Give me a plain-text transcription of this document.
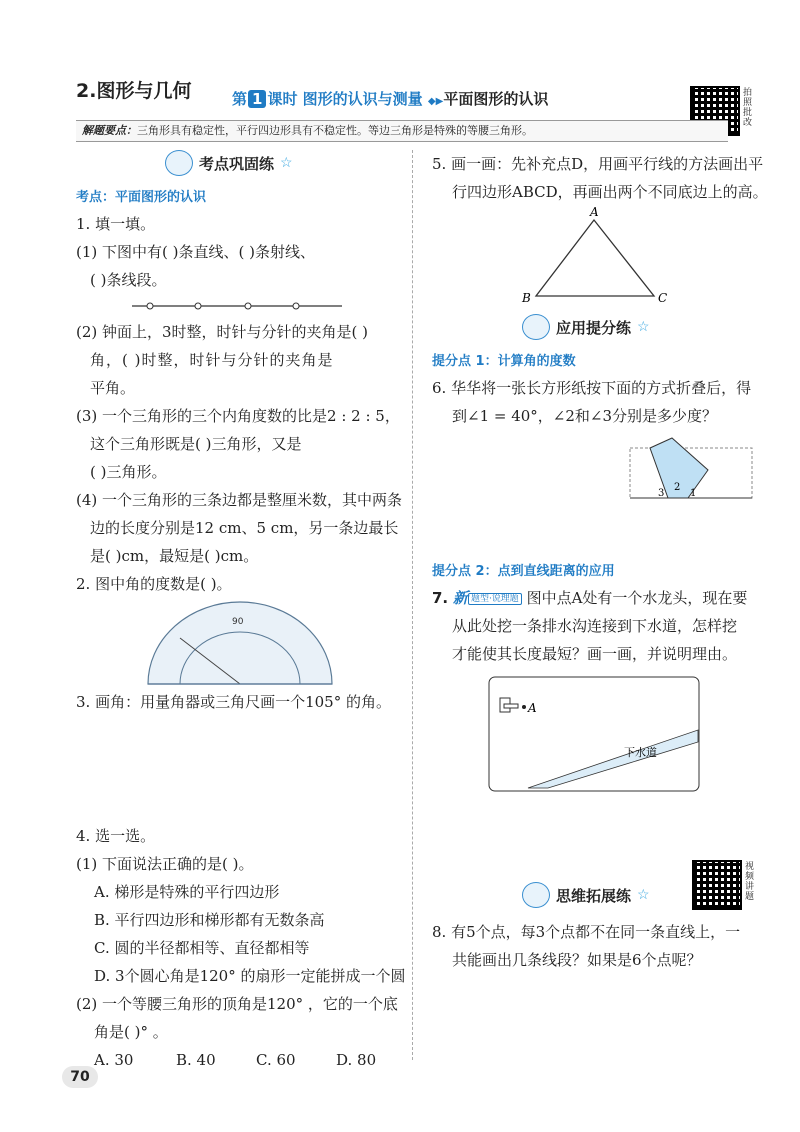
2.图形与几何	第 1 课时 图形的认识与测量 ◆▶平面图形的认识	拍照批改
解题要点：三角形具有稳定性，平行四边形具有不稳定性。等边三角形是特殊的等腰三角形。
考点巩固练 ☆
考点：平面图形的认识
1. 填一填。
(1) 下图中有( )条直线、( )条射线、
( )条线段。
(2) 钟面上，3时整，时针与分针的夹角是( )
角，( )时整，时针与分针的夹角是
平角。
(3) 一个三角形的三个内角度数的比是2 : 2 : 5，
这个三角形既是( )三角形，又是
( )三角形。
(4) 一个三角形的三条边都是整厘米数，其中两条
边的长度分别是12 cm、5 cm，另一条边最长
是( )cm，最短是( )cm。
2. 图中角的度数是( )。
90
3. 画角：用量角器或三角尺画一个105° 的角。
4. 选一选。
(1) 下面说法正确的是( )。
A. 梯形是特殊的平行四边形
B. 平行四边形和梯形都有无数条高
C. 圆的半径都相等、直径都相等
D. 3个圆心角是120° 的扇形一定能拼成一个圆
(2) 一个等腰三角形的顶角是120° ，它的一个底
角是( )° 。
A. 30	B. 40	C. 60	D. 80
70
5. 画一画：先补充点D，用画平行线的方法画出平
行四边形ABCD，再画出两个不同底边上的高。
A
B	C
应用提分练 ☆
提分点 1：计算角的度数
6. 华华将一张长方形纸按下面的方式折叠后，得
到∠1 = 40°，∠2和∠3分别是多少度？
3
2
1
提分点 2：点到直线距离的应用
7. 新 题型·说理题 图中点A处有一个水龙头，现在要
从此处挖一条排水沟连接到下水道，怎样挖
才能使其长度最短？画一画，并说明理由。
A
下水道
视频讲题
思维拓展练 ☆
8. 有5个点，每3个点都不在同一条直线上，一
共能画出几条线段？如果是6个点呢？
